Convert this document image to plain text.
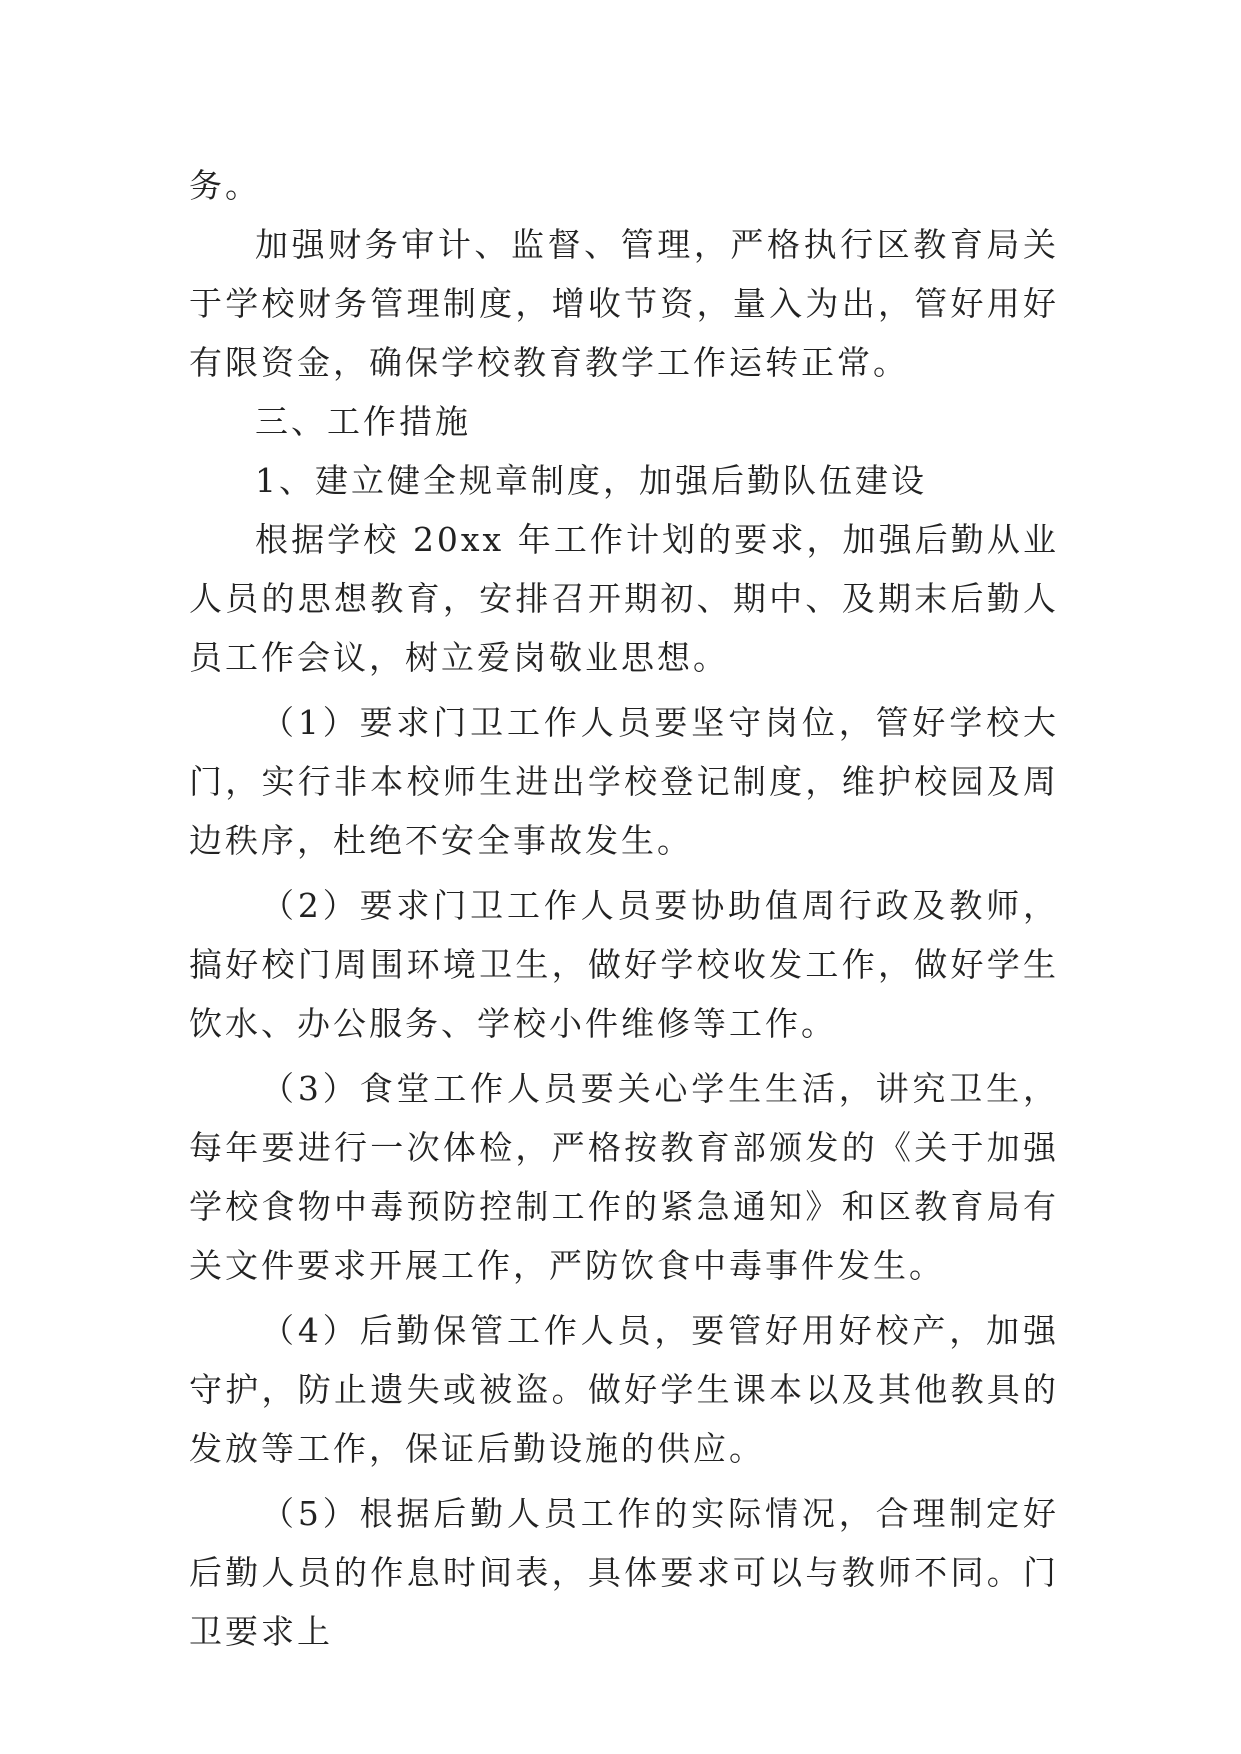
务。

加强财务审计、监督、管理，严格执行区教育局关于学校财务管理制度，增收节资，量入为出，管好用好有限资金，确保学校教育教学工作运转正常。

三、工作措施

1、建立健全规章制度，加强后勤队伍建设

根据学校 20xx 年工作计划的要求，加强后勤从业人员的思想教育，安排召开期初、期中、及期末后勤人员工作会议，树立爱岗敬业思想。

（1）要求门卫工作人员要坚守岗位，管好学校大门，实行非本校师生进出学校登记制度，维护校园及周边秩序，杜绝不安全事故发生。

（2）要求门卫工作人员要协助值周行政及教师，搞好校门周围环境卫生，做好学校收发工作，做好学生饮水、办公服务、学校小件维修等工作。

（3）食堂工作人员要关心学生生活，讲究卫生，每年要进行一次体检，严格按教育部颁发的《关于加强学校食物中毒预防控制工作的紧急通知》和区教育局有关文件要求开展工作，严防饮食中毒事件发生。

（4）后勤保管工作人员，要管好用好校产，加强守护，防止遗失或被盗。做好学生课本以及其他教具的发放等工作，保证后勤设施的供应。

（5）根据后勤人员工作的实际情况，合理制定好后勤人员的作息时间表，具体要求可以与教师不同。门卫要求上
